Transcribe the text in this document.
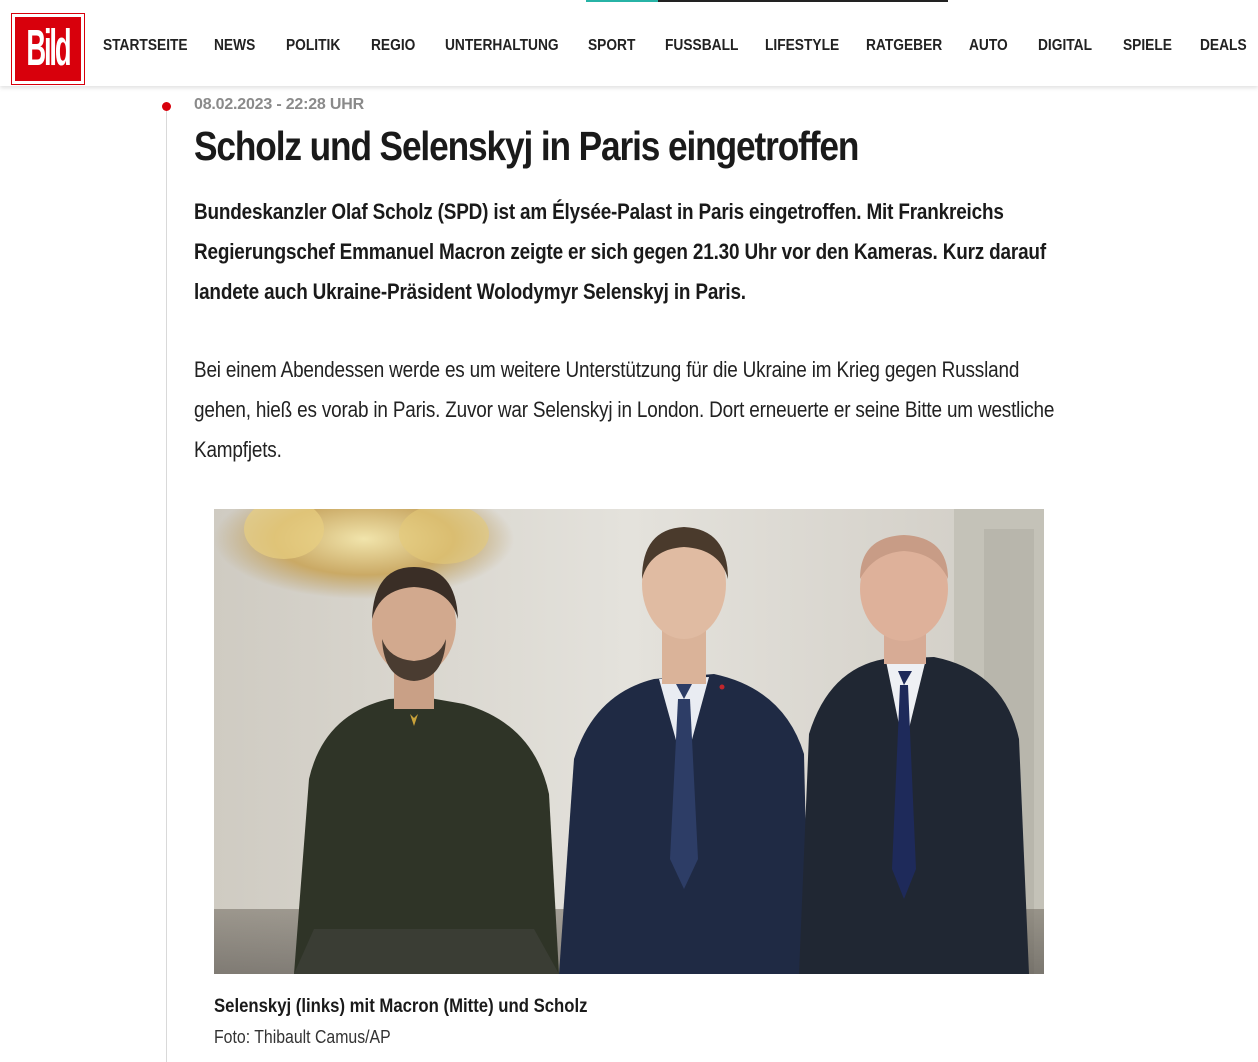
Bild STARTSEITE NEWS POLITIK REGIO UNTERHALTUNG SPORT FUSSBALL LIFESTYLE RATGEBER AUTO DIGITAL SPIELE DEALS
08.02.2023 - 22:28 UHR
Scholz und Selenskyj in Paris eingetroffen

Bundeskanzler Olaf Scholz (SPD) ist am Élysée-Palast in Paris eingetroffen. Mit Frankreichs Regierungschef Emmanuel Macron zeigte er sich gegen 21.30 Uhr vor den Kameras. Kurz darauf landete auch Ukraine-Präsident Wolodymyr Selenskyj in Paris.

Bei einem Abendessen werde es um weitere Unterstützung für die Ukraine im Krieg gegen Russland gehen, hieß es vorab in Paris. Zuvor war Selenskyj in London. Dort erneuerte er seine Bitte um westliche Kampfjets.

Selenskyj (links) mit Macron (Mitte) und Scholz
Foto: Thibault Camus/AP
